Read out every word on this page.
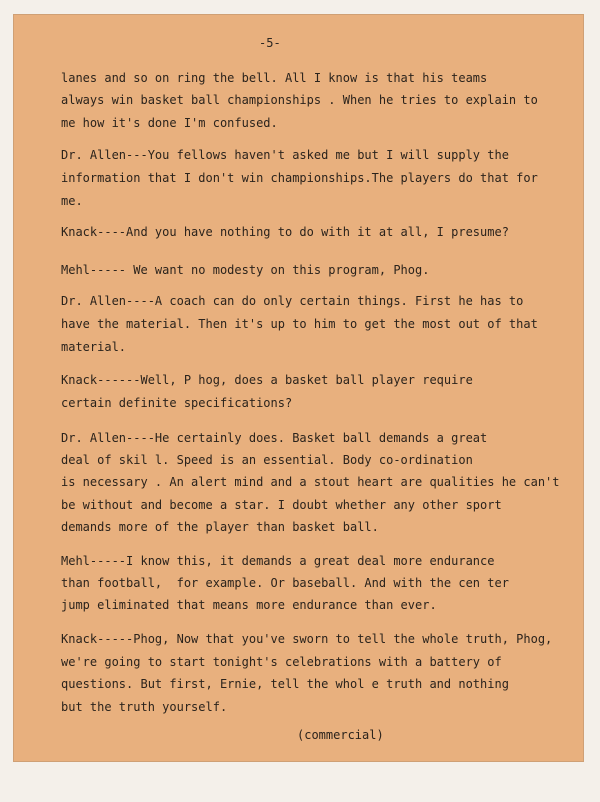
-5-

lanes and so on ring the bell. All I know is that his teams

always win basket ball championships . When he tries to explain to

me how it's done I'm confused.

Dr. Allen---You fellows haven't asked me but I will supply the

information that I don't win championships.The players do that for

me.

Knack----And you have nothing to do with it at all, I presume?

Mehl----- We want no modesty on this program, Phog.

Dr. Allen----A coach can do only certain things. First he has to

have the material. Then it's up to him to get the most out of that

material.

Knack------Well, P hog, does a basket ball player require

certain definite specifications?

Dr. Allen----He certainly does. Basket ball demands a great

deal of skil l. Speed is an essential. Body co-ordination

is necessary . An alert mind and a stout heart are qualities he can't

be without and become a star. I doubt whether any other sport

demands more of the player than basket ball.

Mehl-----I know this, it demands a great deal more endurance

than football,  for example. Or baseball. And with the cen ter

jump eliminated that means more endurance than ever.

Knack-----Phog, Now that you've sworn to tell the whole truth, Phog,

we're going to start tonight's celebrations with a battery of

questions. But first, Ernie, tell the whol e truth and nothing

but the truth yourself.

(commercial)
